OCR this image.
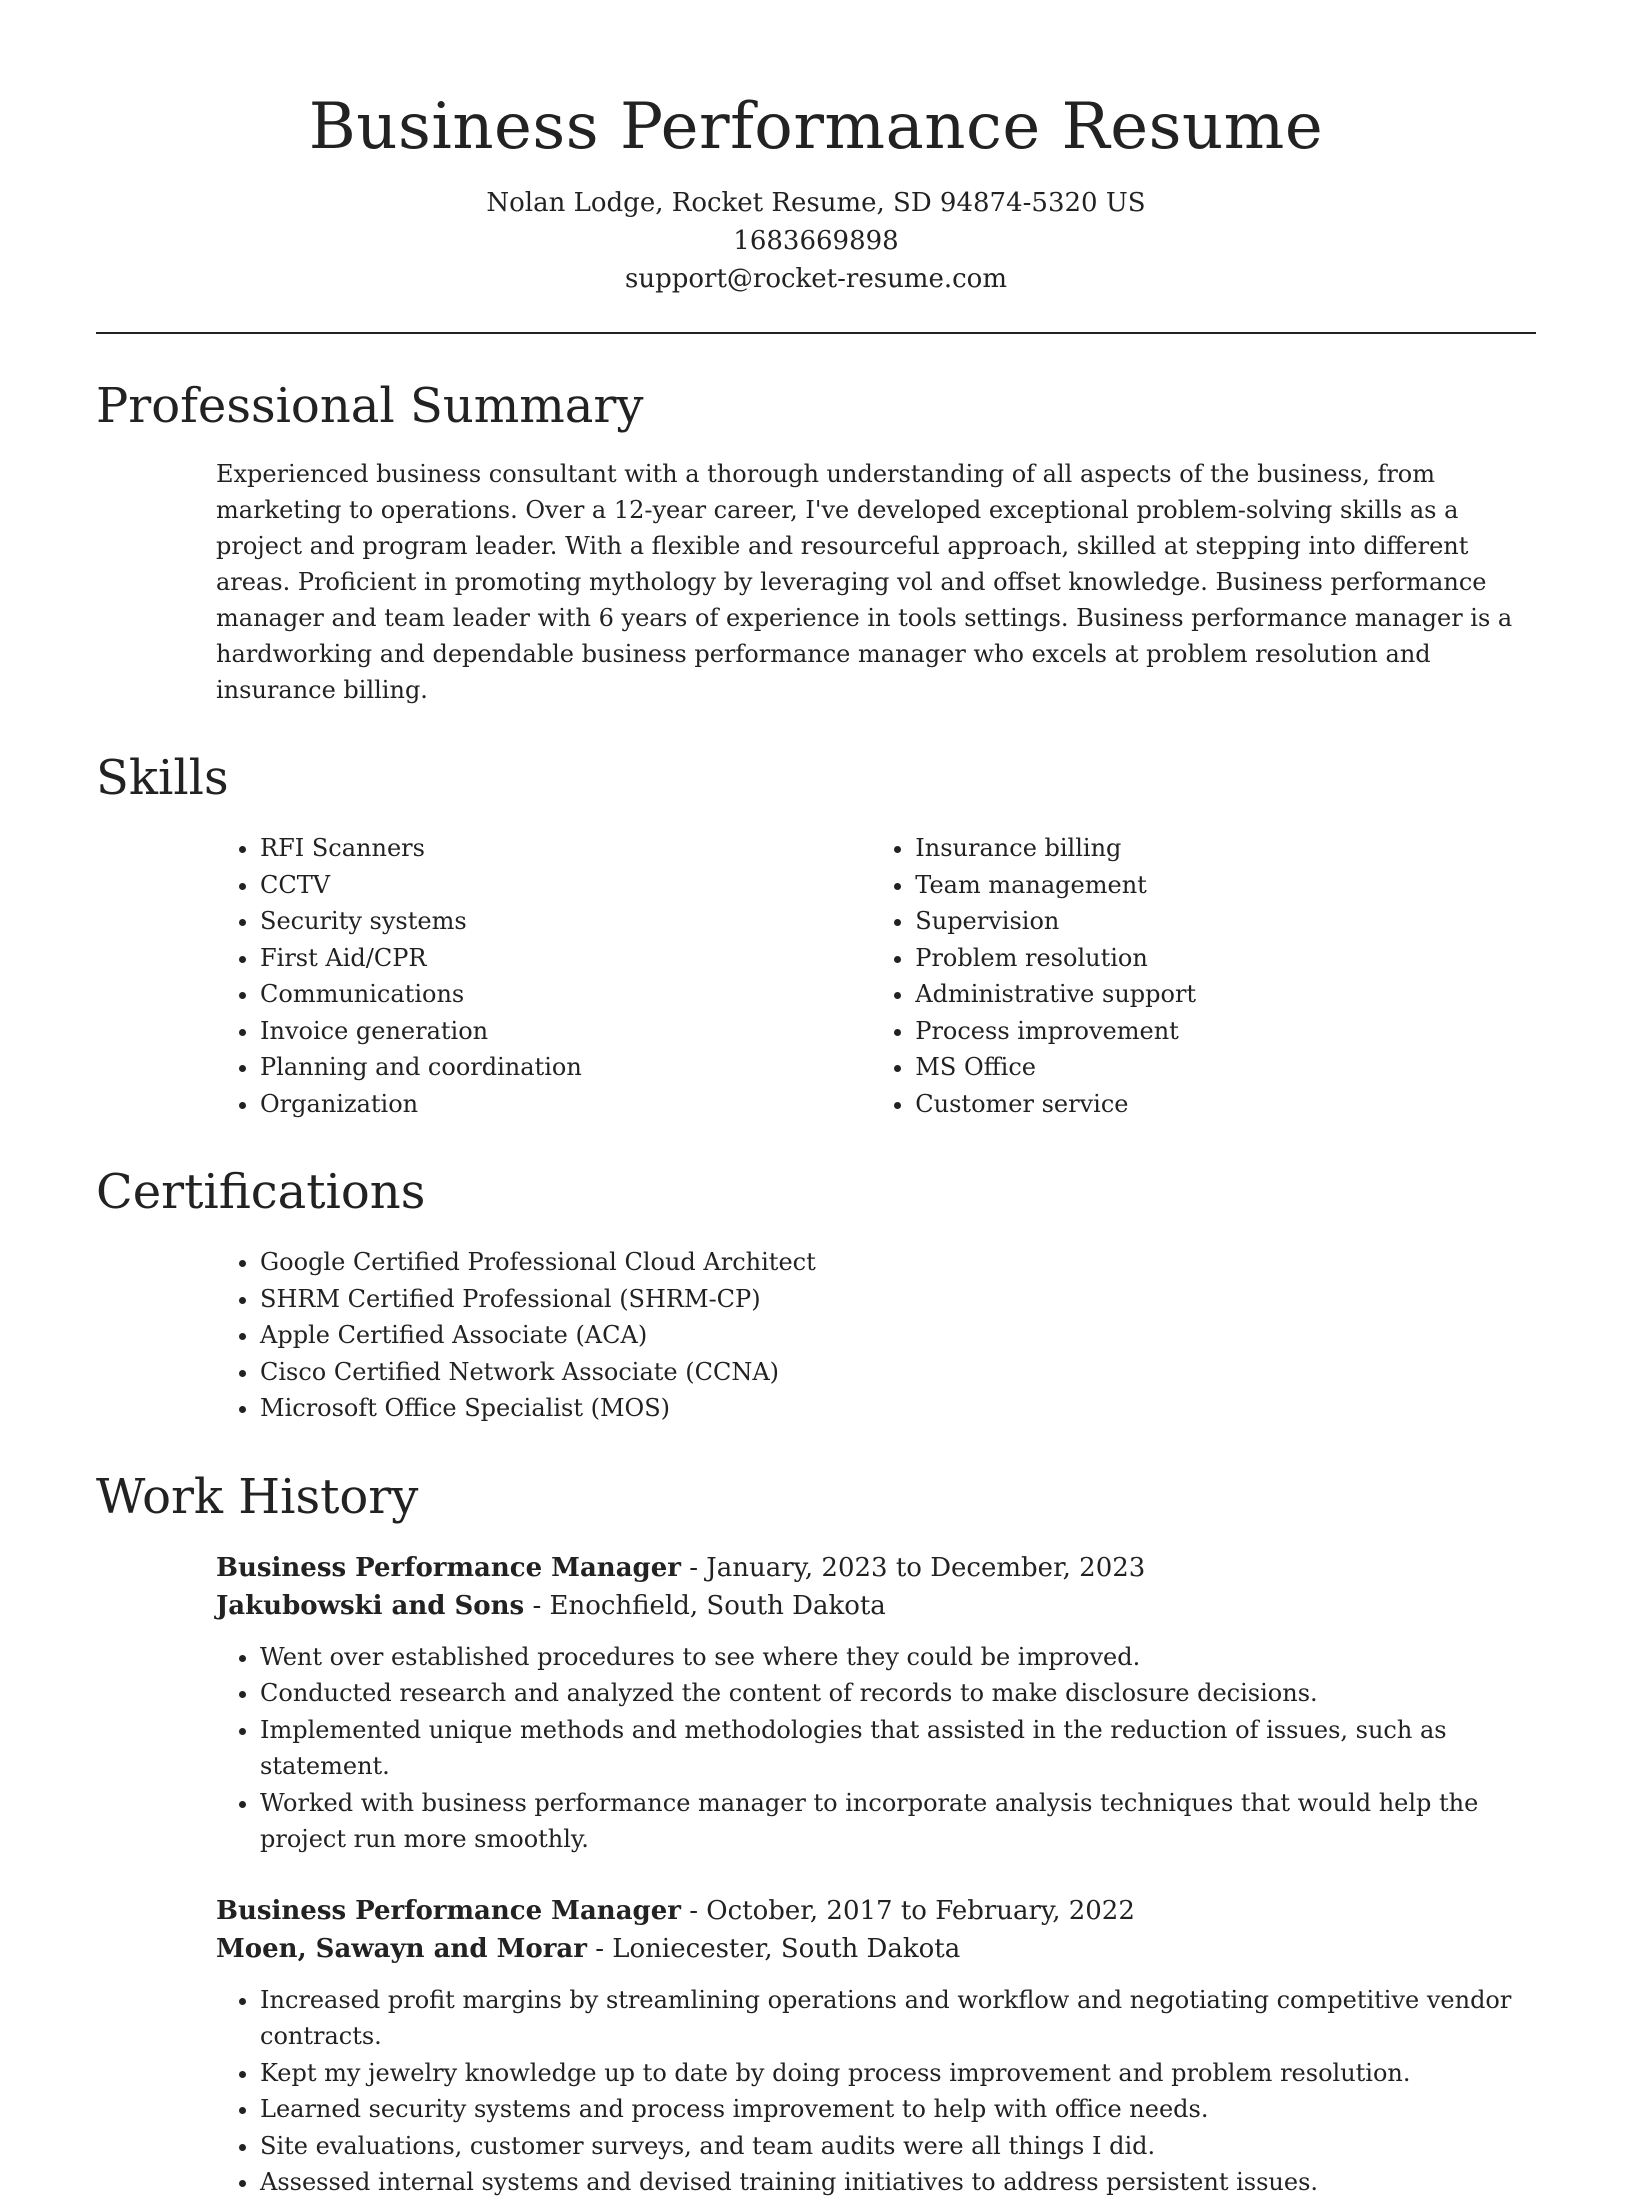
Business Performance Resume
Nolan Lodge, Rocket Resume, SD 94874-5320 US
1683669898
support@rocket-resume.com
Professional Summary
Experienced business consultant with a thorough understanding of all aspects of the business, from marketing to operations. Over a 12-year career, I've developed exceptional problem-solving skills as a project and program leader. With a flexible and resourceful approach, skilled at stepping into different areas. Proficient in promoting mythology by leveraging vol and offset knowledge. Business performance manager and team leader with 6 years of experience in tools settings. Business performance manager is a hardworking and dependable business performance manager who excels at problem resolution and insurance billing.
Skills
• RFI Scanners
• CCTV
• Security systems
• First Aid/CPR
• Communications
• Invoice generation
• Planning and coordination
• Organization
• Insurance billing
• Team management
• Supervision
• Problem resolution
• Administrative support
• Process improvement
• MS Office
• Customer service
Certifications
• Google Certified Professional Cloud Architect
• SHRM Certified Professional (SHRM-CP)
• Apple Certified Associate (ACA)
• Cisco Certified Network Associate (CCNA)
• Microsoft Office Specialist (MOS)
Work History
Business Performance Manager - January, 2023 to December, 2023
Jakubowski and Sons - Enochfield, South Dakota
• Went over established procedures to see where they could be improved.
• Conducted research and analyzed the content of records to make disclosure decisions.
• Implemented unique methods and methodologies that assisted in the reduction of issues, such as statement.
• Worked with business performance manager to incorporate analysis techniques that would help the project run more smoothly.
Business Performance Manager - October, 2017 to February, 2022
Moen, Sawayn and Morar - Loniecester, South Dakota
• Increased profit margins by streamlining operations and workflow and negotiating competitive vendor contracts.
• Kept my jewelry knowledge up to date by doing process improvement and problem resolution.
• Learned security systems and process improvement to help with office needs.
• Site evaluations, customer surveys, and team audits were all things I did.
• Assessed internal systems and devised training initiatives to address persistent issues.
